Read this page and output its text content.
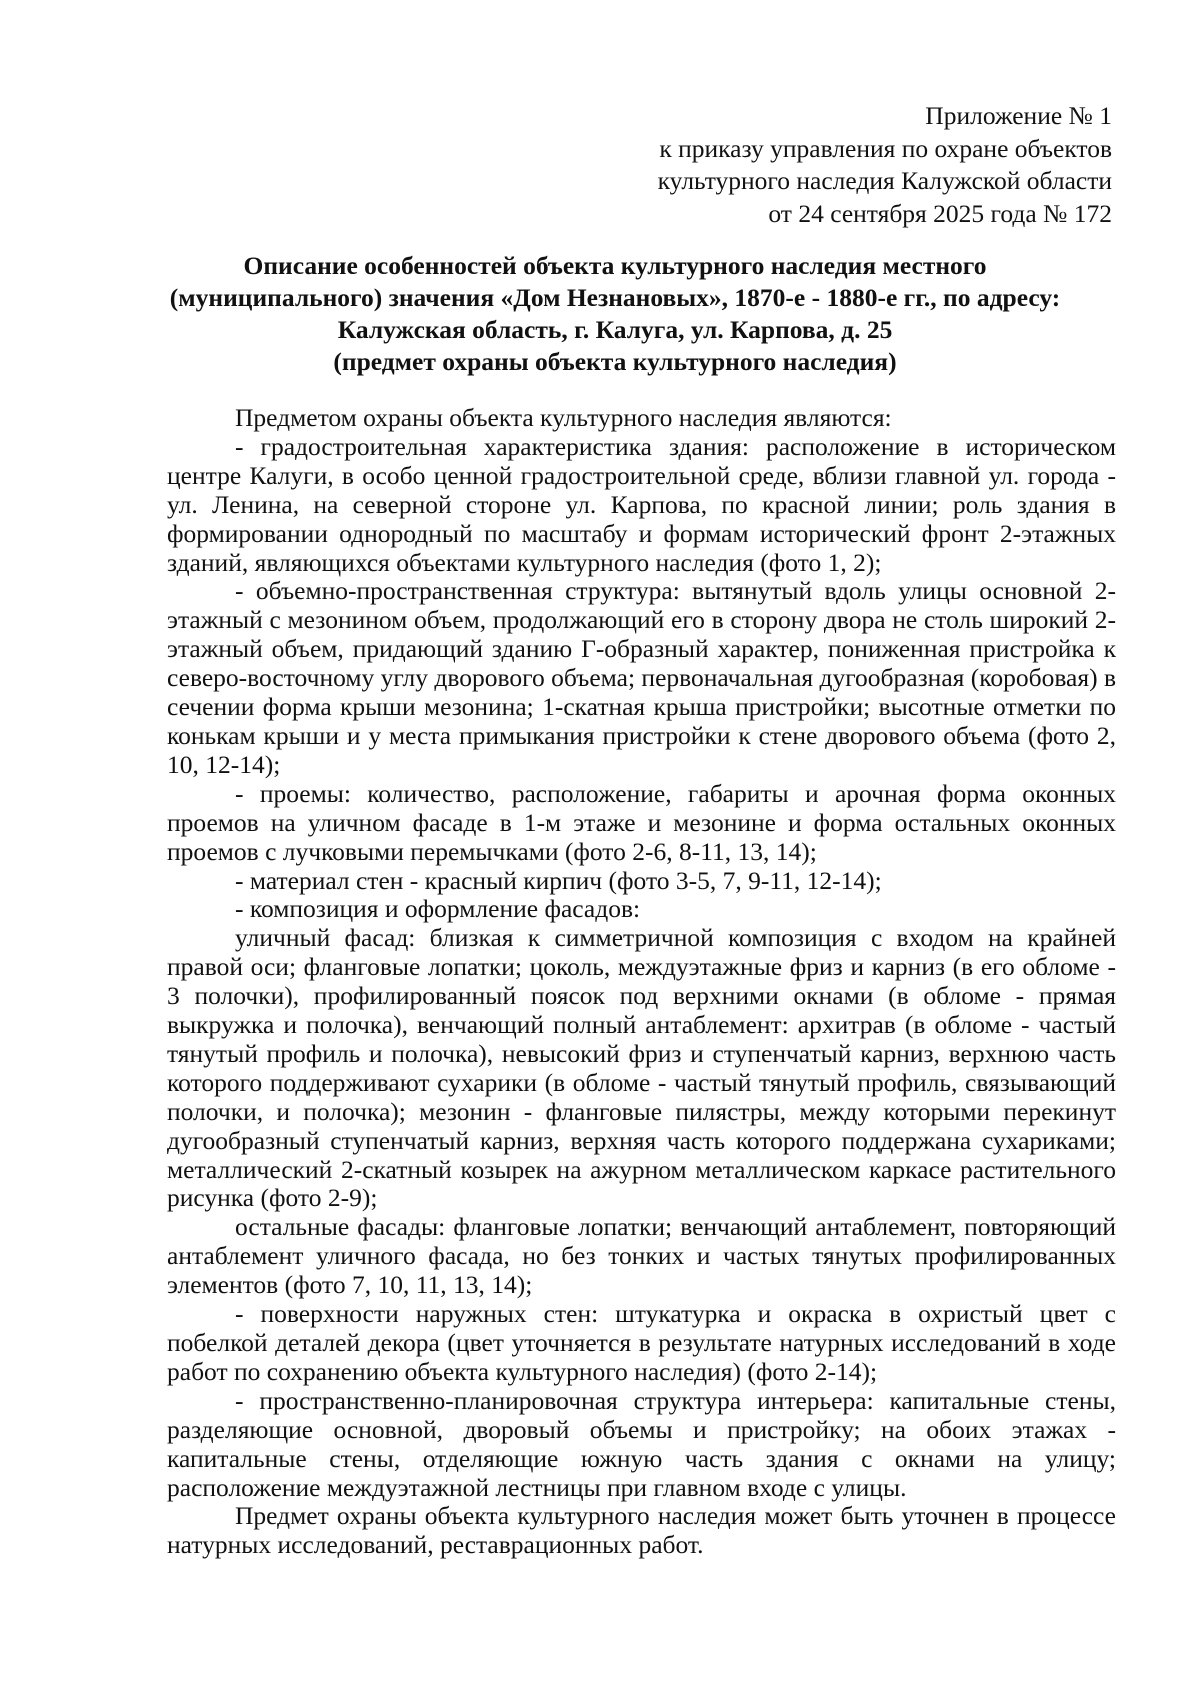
Приложение № 1
к приказу управления по охране объектов
культурного наследия Калужской области
от 24 сентября 2025 года № 172
Описание особенностей объекта культурного наследия местного
(муниципального) значения «Дом Незнановых», 1870-е - 1880-е гг., по адресу:
Калужская область, г. Калуга, ул. Карпова, д. 25
(предмет охраны объекта культурного наследия)

Предметом охраны объекта культурного наследия являются:

- градостроительная характеристика здания: расположение в историческом центре Калуги, в особо ценной градостроительной среде, вблизи главной ул. города - ул. Ленина, на северной стороне ул. Карпова, по красной линии; роль здания в формировании однородный по масштабу и формам исторический фронт 2-этажных зданий, являющихся объектами культурного наследия (фото 1, 2);

- объемно-пространственная структура: вытянутый вдоль улицы основной 2-этажный с мезонином объем, продолжающий его в сторону двора не столь широкий 2-этажный объем, придающий зданию Г-образный характер, пониженная пристройка к северо-восточному углу дворового объема; первоначальная дугообразная (коробовая) в сечении форма крыши мезонина; 1-скатная крыша пристройки; высотные отметки по конькам крыши и у места примыкания пристройки к стене дворового объема (фото 2, 10, 12-14);

- проемы: количество, расположение, габариты и арочная форма оконных проемов на уличном фасаде в 1-м этаже и мезонине и форма остальных оконных проемов с лучковыми перемычками (фото 2-6, 8-11, 13, 14);

- материал стен - красный кирпич (фото 3-5, 7, 9-11, 12-14);

- композиция и оформление фасадов:

уличный фасад: близкая к симметричной композиция с входом на крайней правой оси; фланговые лопатки; цоколь, междуэтажные фриз и карниз (в его обломе - 3 полочки), профилированный поясок под верхними окнами (в обломе - прямая выкружка и полочка), венчающий полный антаблемент: архитрав (в обломе - частый тянутый профиль и полочка), невысокий фриз и ступенчатый карниз, верхнюю часть которого поддерживают сухарики (в обломе - частый тянутый профиль, связывающий полочки, и полочка); мезонин - фланговые пилястры, между которыми перекинут дугообразный ступенчатый карниз, верхняя часть которого поддержана сухариками; металлический 2-скатный козырек на ажурном металлическом каркасе растительного рисунка (фото 2-9);

остальные фасады: фланговые лопатки; венчающий антаблемент, повторяющий антаблемент уличного фасада, но без тонких и частых тянутых профилированных элементов (фото 7, 10, 11, 13, 14);

- поверхности наружных стен: штукатурка и окраска в охристый цвет с побелкой деталей декора (цвет уточняется в результате натурных исследований в ходе работ по сохранению объекта культурного наследия) (фото 2-14);

- пространственно-планировочная структура интерьера: капитальные стены, разделяющие основной, дворовый объемы и пристройку; на обоих этажах - капитальные стены, отделяющие южную часть здания с окнами на улицу; расположение междуэтажной лестницы при главном входе с улицы.

Предмет охраны объекта культурного наследия может быть уточнен в процессе натурных исследований, реставрационных работ.
